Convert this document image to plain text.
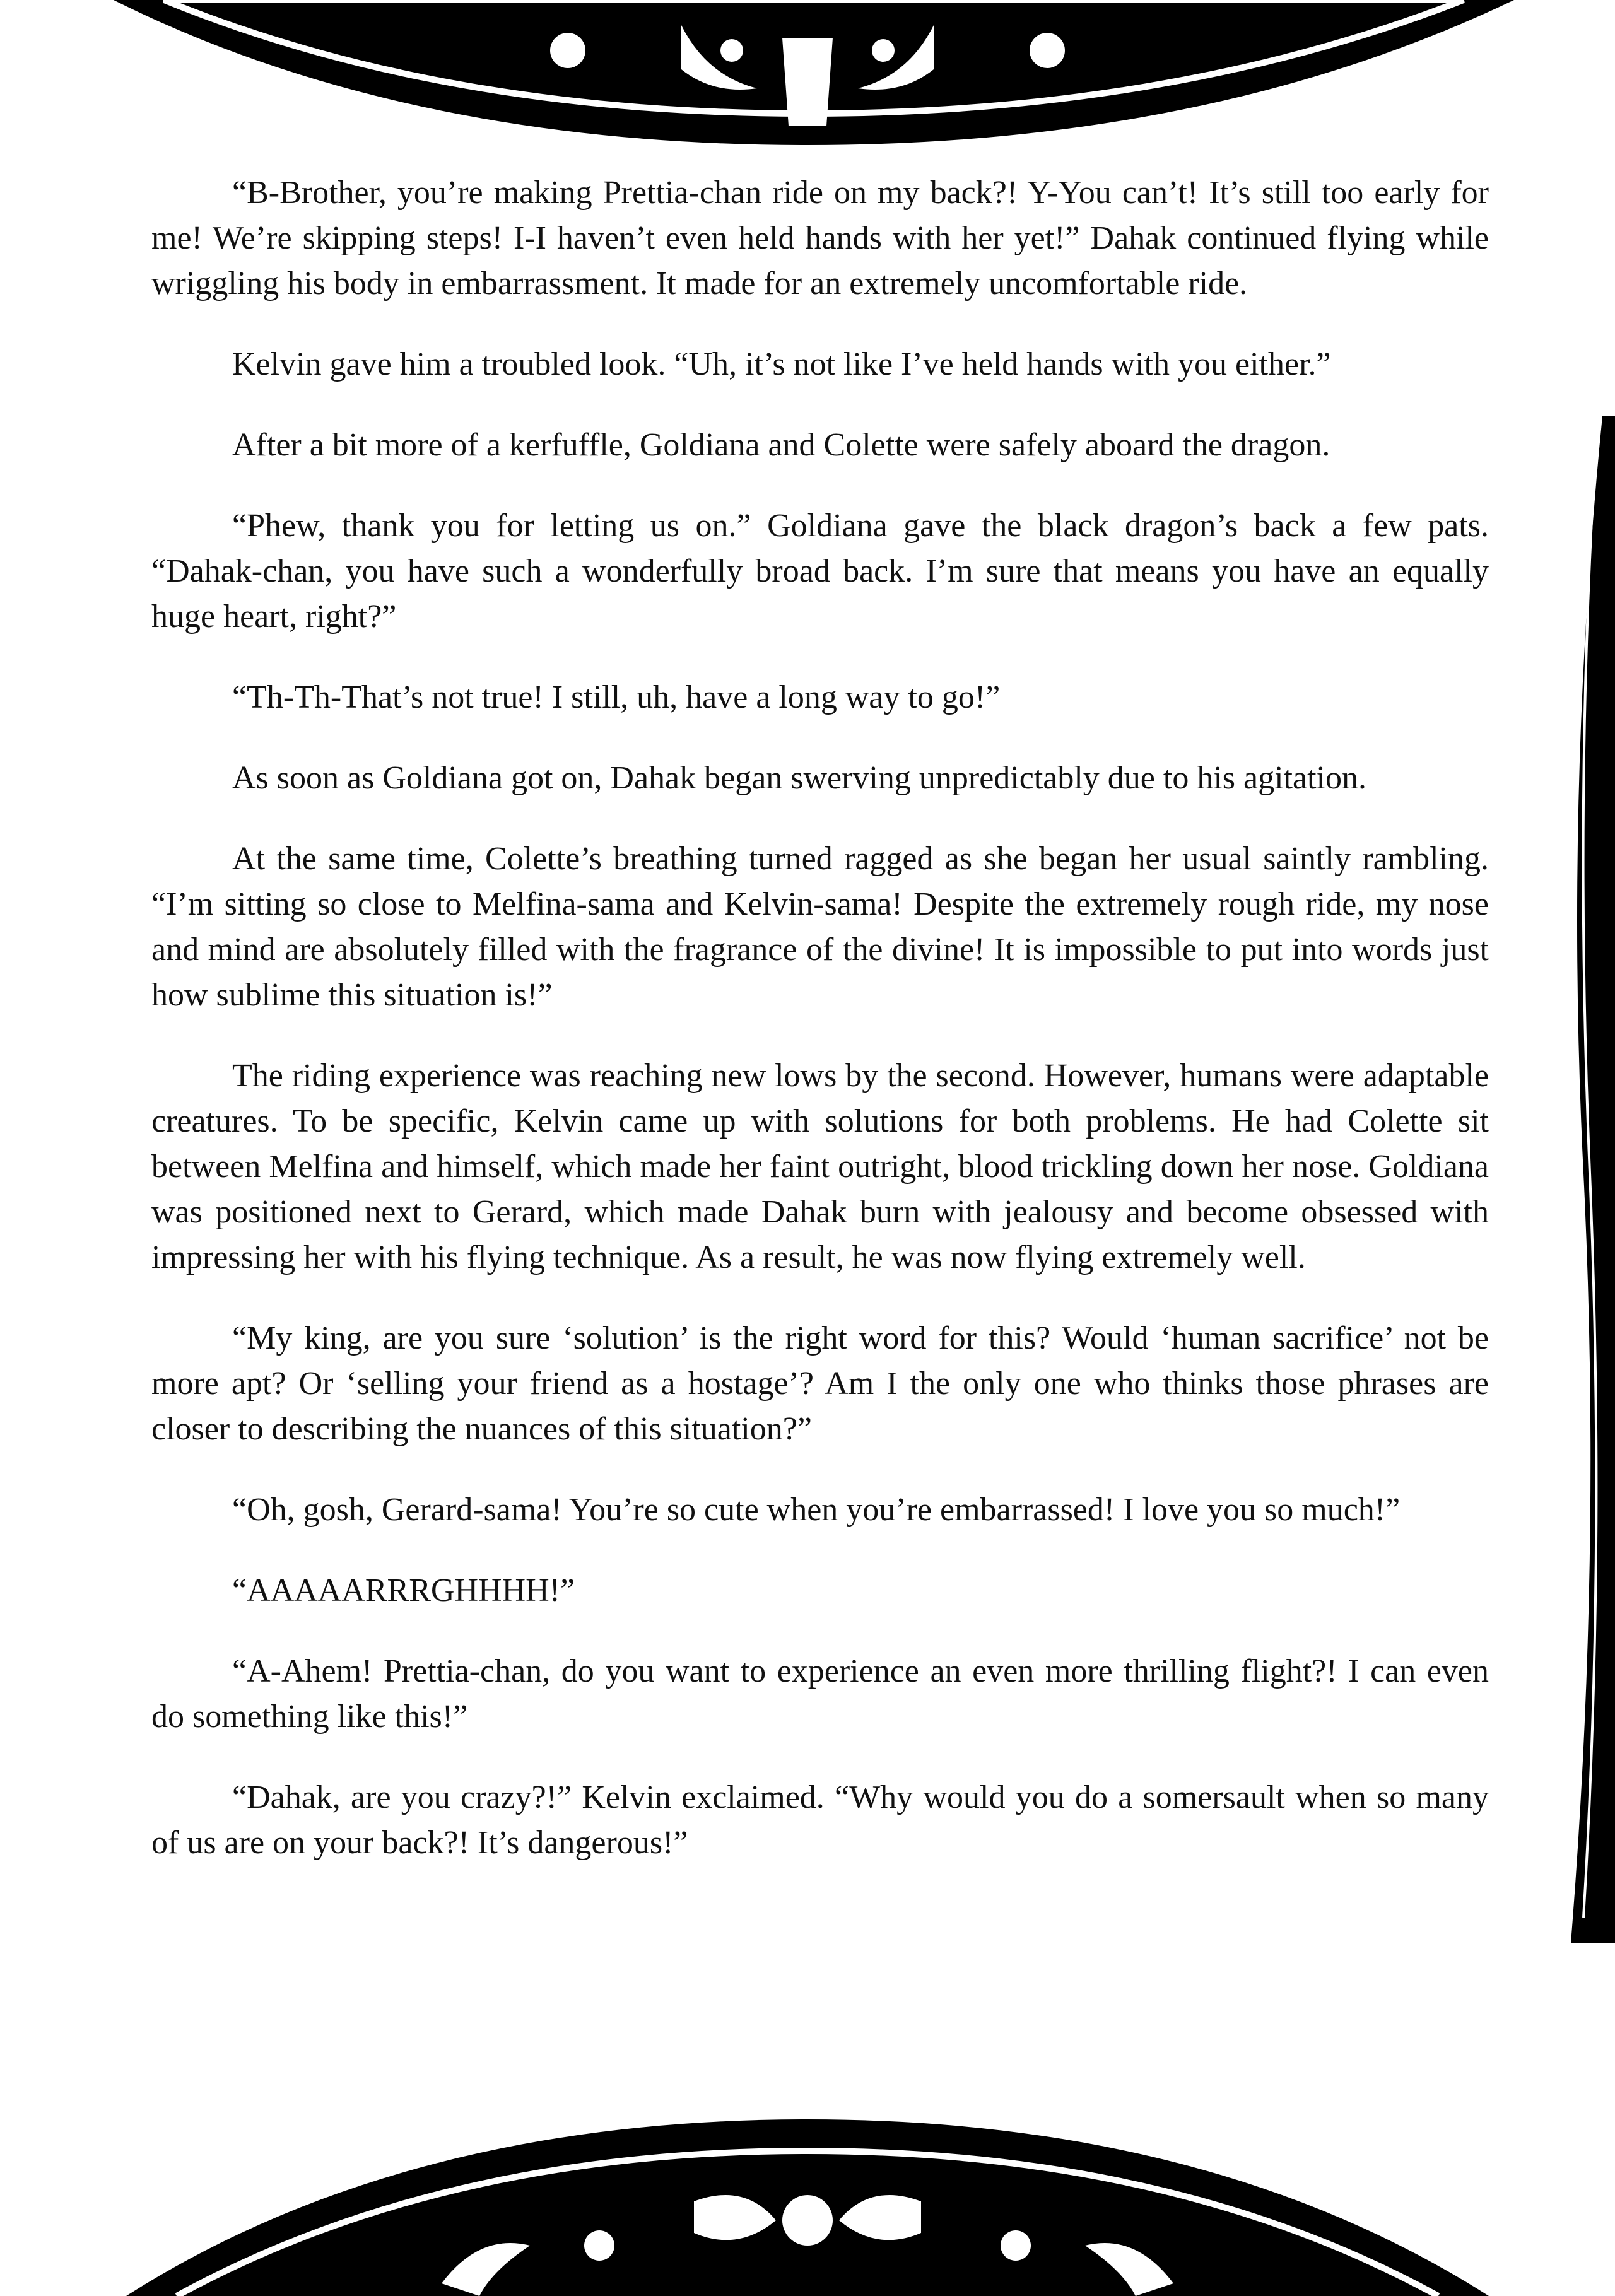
“B-Brother, you’re making Prettia-chan ride on my back?! Y-You can’t! It’s still too early for me! We’re skipping steps! I-I haven’t even held hands with her yet!” Dahak continued flying while wriggling his body in embarrassment. It made for an extremely uncomfortable ride.

Kelvin gave him a troubled look. “Uh, it’s not like I’ve held hands with you either.”

After a bit more of a kerfuffle, Goldiana and Colette were safely aboard the dragon.

“Phew, thank you for letting us on.” Goldiana gave the black dragon’s back a few pats. “Dahak-chan, you have such a wonderfully broad back. I’m sure that means you have an equally huge heart, right?”

“Th-Th-That’s not true! I still, uh, have a long way to go!”

As soon as Goldiana got on, Dahak began swerving unpredictably due to his agitation.

At the same time, Colette’s breathing turned ragged as she began her usual saintly rambling. “I’m sitting so close to Melfina-sama and Kelvin-sama! Despite the extremely rough ride, my nose and mind are absolutely filled with the fragrance of the divine! It is impossible to put into words just how sublime this situation is!”

The riding experience was reaching new lows by the second. However, humans were adaptable creatures. To be specific, Kelvin came up with solutions for both problems. He had Colette sit between Melfina and himself, which made her faint outright, blood trickling down her nose. Goldiana was positioned next to Gerard, which made Dahak burn with jealousy and become obsessed with impressing her with his flying technique. As a result, he was now flying extremely well.

“My king, are you sure ‘solution’ is the right word for this? Would ‘human sacrifice’ not be more apt? Or ‘selling your friend as a hostage’? Am I the only one who thinks those phrases are closer to describing the nuances of this situation?”

“Oh, gosh, Gerard-sama! You’re so cute when you’re embarrassed! I love you so much!”

“AAAAARRRGHHHH!”

“A-Ahem! Prettia-chan, do you want to experience an even more thrilling flight?! I can even do something like this!”

“Dahak, are you crazy?!” Kelvin exclaimed. “Why would you do a somersault when so many of us are on your back?! It’s dangerous!”
